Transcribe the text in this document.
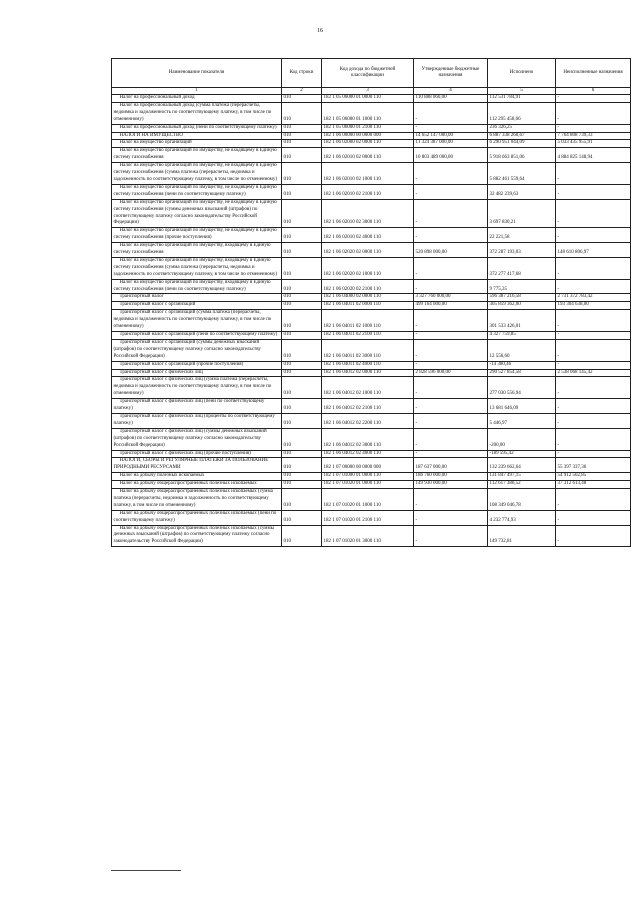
16
Наименование показателя	Код строки	Код дохода по бюджетной классификации	Утвержденные бюджетные назначения	Исполнено	Неисполненные назначения
1	2	3	4	5	6
Налог на профессиональный доход	010	182 1 05 06000 01 0000 110	110 888 060,00	112 531 784,91	-
Налог на профессиональный доход (сумма платежа (перерасчеты, недоимка и задолженность по соответствующему платежу, в том числе по отмененному)	010	182 1 05 06000 01 1000 110	-	112 295 458,66	-
Налог на профессиональный доход (пени по соответствующему платежу)	010	182 1 05 06000 01 2100 110	-	236 326,25	-
НАЛОГИ НА ИМУЩЕСТВО	010	182 1 06 00000 00 0000 000	14 652 147 000,00	6 887 338 260,67	7 764 808 739,33
Налог на имущество организаций	010	182 1 06 02000 02 0000 110	11 324 387 000,00	6 290 951 044,09	5 033 435 955,91
Налог на имущество организаций по имуществу, не входящему в Единую систему газоснабжения	010	182 1 06 02010 02 0000 110	10 803 489 000,00	5 918 663 851,06	4 884 825 148,94
Налог на имущество организаций по имуществу, не входящему в Единую систему газоснабжения (сумма платежа (перерасчеты, недоимка и задолженность по соответствующему платежу, в том числе по отмененному)	010	182 1 06 02010 02 1000 110	-	5 882 461 559,64	-
Налог на имущество организаций по имуществу, не входящему в Единую систему газоснабжения (пени по соответствующему платежу)	010	182 1 06 02010 02 2100 110	-	32 482 239,63	-
Налог на имущество организаций по имуществу, не входящему в Единую систему газоснабжения (суммы денежных взысканий (штрафов) по соответствующему платежу согласно законодательству Российской Федерации)	010	182 1 06 02010 02 3000 110	-	3 697 830,21	-
Налог на имущество организаций по имуществу, не входящему в Единую систему газоснабжения (прочие поступления)	010	182 1 06 02010 02 4000 110	-	22 221,58	-
Налог на имущество организаций по имуществу, входящему в Единую систему газоснабжения	010	182 1 06 02020 02 0000 110	520 898 000,00	372 287 193,03	148 610 806,97
Налог на имущество организаций по имуществу, входящему в Единую систему газоснабжения (сумма платежа (перерасчеты, недоимка и задолженность по соответствующему платежу, в том числе по отмененному)	010	182 1 06 02020 02 1000 110	-	372 277 417,68	-
Налог на имущество организаций по имуществу, входящему в Единую систему газоснабжения (пени по соответствующему платежу)	010	182 1 06 02020 02 2100 110	-	9 775,35	-
Транспортный налог	010	182 1 06 04000 02 0000 110	3 327 760 000,00	596 387 216,58	2 731 372 783,42
Транспортный налог с организаций	010	182 1 06 04011 02 0000 110	499 164 000,00	305 859 362,00	193 304 638,00
Транспортный налог с организаций (сумма платежа (перерасчеты, недоимка и задолженность по соответствующему платежу, в том числе по отмененному)	010	182 1 06 04011 02 1000 110	-	301 533 426,01	-
Транспортный налог с организаций (пени по соответствующему платежу)	010	182 1 06 04011 02 2100 110	-	4 327 759,85	-
Транспортный налог с организаций (суммы денежных взысканий (штрафов) по соответствующему платежу согласно законодательству Российской Федерации)	010	182 1 06 04011 02 3000 110	-	12 556,60	-
Транспортный налог с организаций (прочие поступления)	010	182 1 06 04011 02 4000 110	-	-14 380,46	-
Транспортный налог с физических лиц	010	182 1 06 04012 02 0000 110	2 828 596 000,00	290 527 854,58	2 538 068 145,42
Транспортный налог с физических лиц (сумма платежа (перерасчеты, недоимка и задолженность по соответствующему платежу, в том числе по отмененному)	010	182 1 06 04012 02 1000 110	-	277 030 556,94	-
Транспортный налог с физических лиц (пени по соответствующему платежу)	010	182 1 06 04012 02 2100 110	-	13 681 646,09	-
Транспортный налог с физических лиц (проценты по соответствующему платежу)	010	182 1 06 04012 02 2200 110	-	5 446,97	-
Транспортный налог с физических лиц (суммы денежных взысканий (штрафов) по соответствующему платежу согласно законодательству Российской Федерации)	010	182 1 06 04012 02 3000 110	-	-200,00	-
Транспортный налог с физических лиц (прочие поступления)	010	182 1 06 04012 02 4000 110	-	-189 595,42	-
НАЛОГИ, СБОРЫ И РЕГУЛЯРНЫЕ ПЛАТЕЖИ ЗА ПОЛЬЗОВАНИЕ ПРИРОДНЫМИ РЕСУРСАМИ	010	182 1 07 00000 00 0000 000	187 637 000,00	132 239 662,64	55 397 337,36
Налог на добычу полезных ископаемых	010	182 1 07 01000 01 0000 110	186 760 000,00	131 847 497,15	54 912 502,85
Налог на добычу общераспространенных полезных ископаемых	010	182 1 07 01020 01 0000 110	149 930 000,00	112 617 386,52	37 312 613,48
Налог на добычу общераспространенных полезных ископаемых (сумма платежа (перерасчеты, недоимка и задолженность по соответствующему платежу, в том числе по отмененному)	010	182 1 07 01020 01 1000 110	-	108 349 046,78	-
Налог на добычу общераспространенных полезных ископаемых (пени по соответствующему платежу)	010	182 1 07 01020 01 2100 110	-	4 232 774,93	-
Налог на добычу общераспространенных полезных ископаемых (суммы денежных взысканий (штрафов) по соответствующему платежу согласно законодательству Российской Федерации)	010	182 1 07 01020 01 3000 110	-	149 732,81	-
